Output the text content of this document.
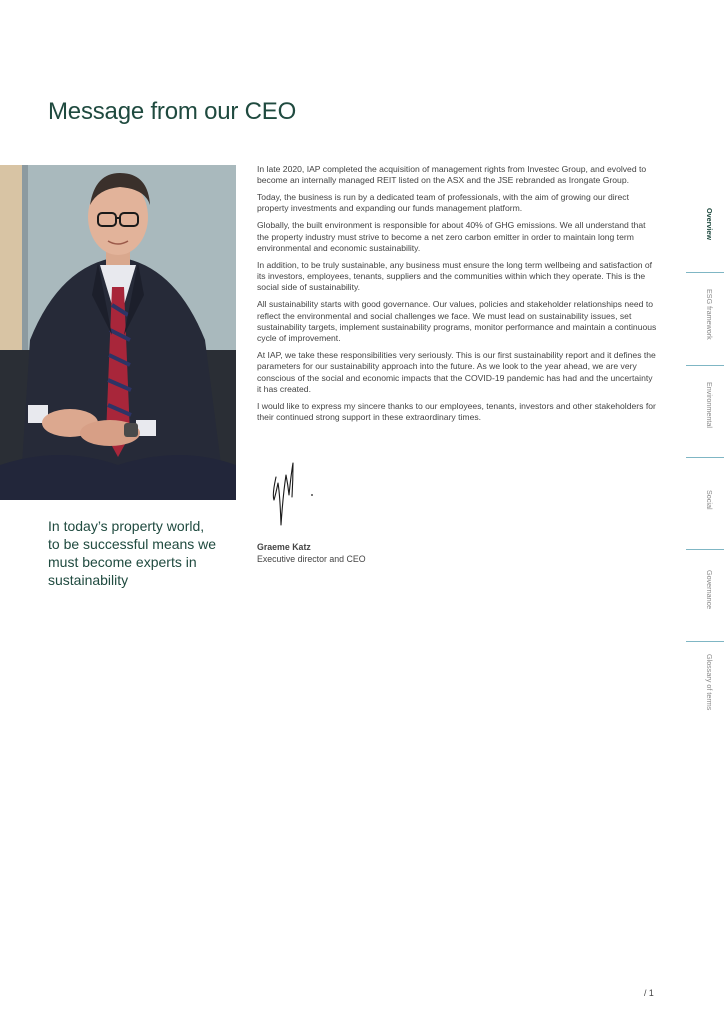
Message from our CEO
In today’s property world,
to be successful means we
must become experts in
sustainability

In late 2020, IAP completed the acquisition of management rights from Investec Group, and evolved to become an internally managed REIT listed on the ASX and the JSE rebranded as Irongate Group.

Today, the business is run by a dedicated team of professionals, with the aim of growing our direct property investments and expanding our funds management platform.

Globally, the built environment is responsible for about 40% of GHG emissions. We all understand that the property industry must strive to become a net zero carbon emitter in order to maintain long term environmental and economic sustainability.

In addition, to be truly sustainable, any business must ensure the long term wellbeing and satisfaction of its investors, employees, tenants, suppliers and the communities within which they operate. This is the social side of sustainability.

All sustainability starts with good governance. Our values, policies and stakeholder relationships need to reflect the environmental and social challenges we face. We must lead on sustainability issues, set sustainability targets, implement sustainability programs, monitor performance and maintain a continuous cycle of improvement.

At IAP, we take these responsibilities very seriously. This is our first sustainability report and it defines the parameters for our sustainability approach into the future. As we look to the year ahead, we are very conscious of the social and economic impacts that the COVID-19 pandemic has had and the uncertainty it has created.

I would like to express my sincere thanks to our employees, tenants, investors and other stakeholders for their continued strong support in these extraordinary times.

Graeme Katz
Executive director and CEO
Overview
ESG framework
Environmental
Social
Governance
Glossary of terms
/ 1
